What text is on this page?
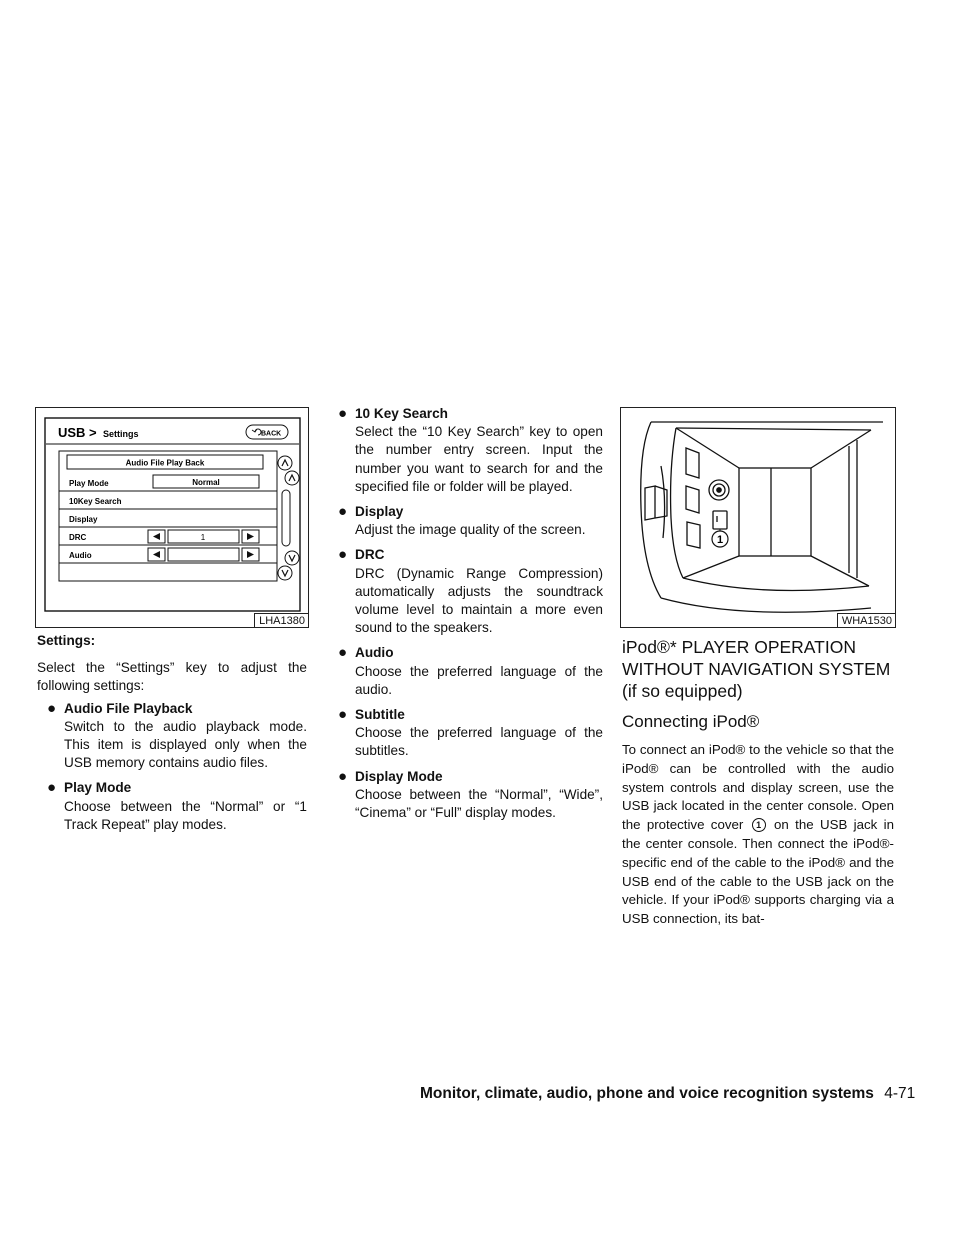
USB > Settings	BACK
Audio File Play Back
Play Mode	Normal
10Key Search
Display
DRC	1
Audio
LHA1380

Settings:

Select the “Settings” key to adjust the following settings:

● Audio File Playback
Switch to the audio playback mode. This item is displayed only when the USB memory contains audio files.
● Play Mode
Choose between the “Normal” or “1 Track Repeat” play modes.
● 10 Key Search
Select the “10 Key Search” key to open the number entry screen. Input the number you want to search for and the specified file or folder will be played.
● Display
Adjust the image quality of the screen.
● DRC
DRC (Dynamic Range Compression) automatically adjusts the soundtrack volume level to maintain a more even sound to the speakers.
● Audio
Choose the preferred language of the audio.
● Subtitle
Choose the preferred language of the subtitles.
● Display Mode
Choose between the “Normal”, “Wide”, “Cinema” or “Full” display modes.
1
WHA1530
iPod®* PLAYER OPERATION WITHOUT NAVIGATION SYSTEM (if so equipped)
Connecting iPod®

To connect an iPod® to the vehicle so that the iPod® can be controlled with the audio system controls and display screen, use the USB jack located in the center console. Open the protective cover 1 on the USB jack in the center console. Then connect the iPod®-specific end of the cable to the iPod® and the USB end of the cable to the USB jack on the vehicle. If your iPod® supports charging via a USB connection, its bat-

Monitor, climate, audio, phone and voice recognition systems 4-71
